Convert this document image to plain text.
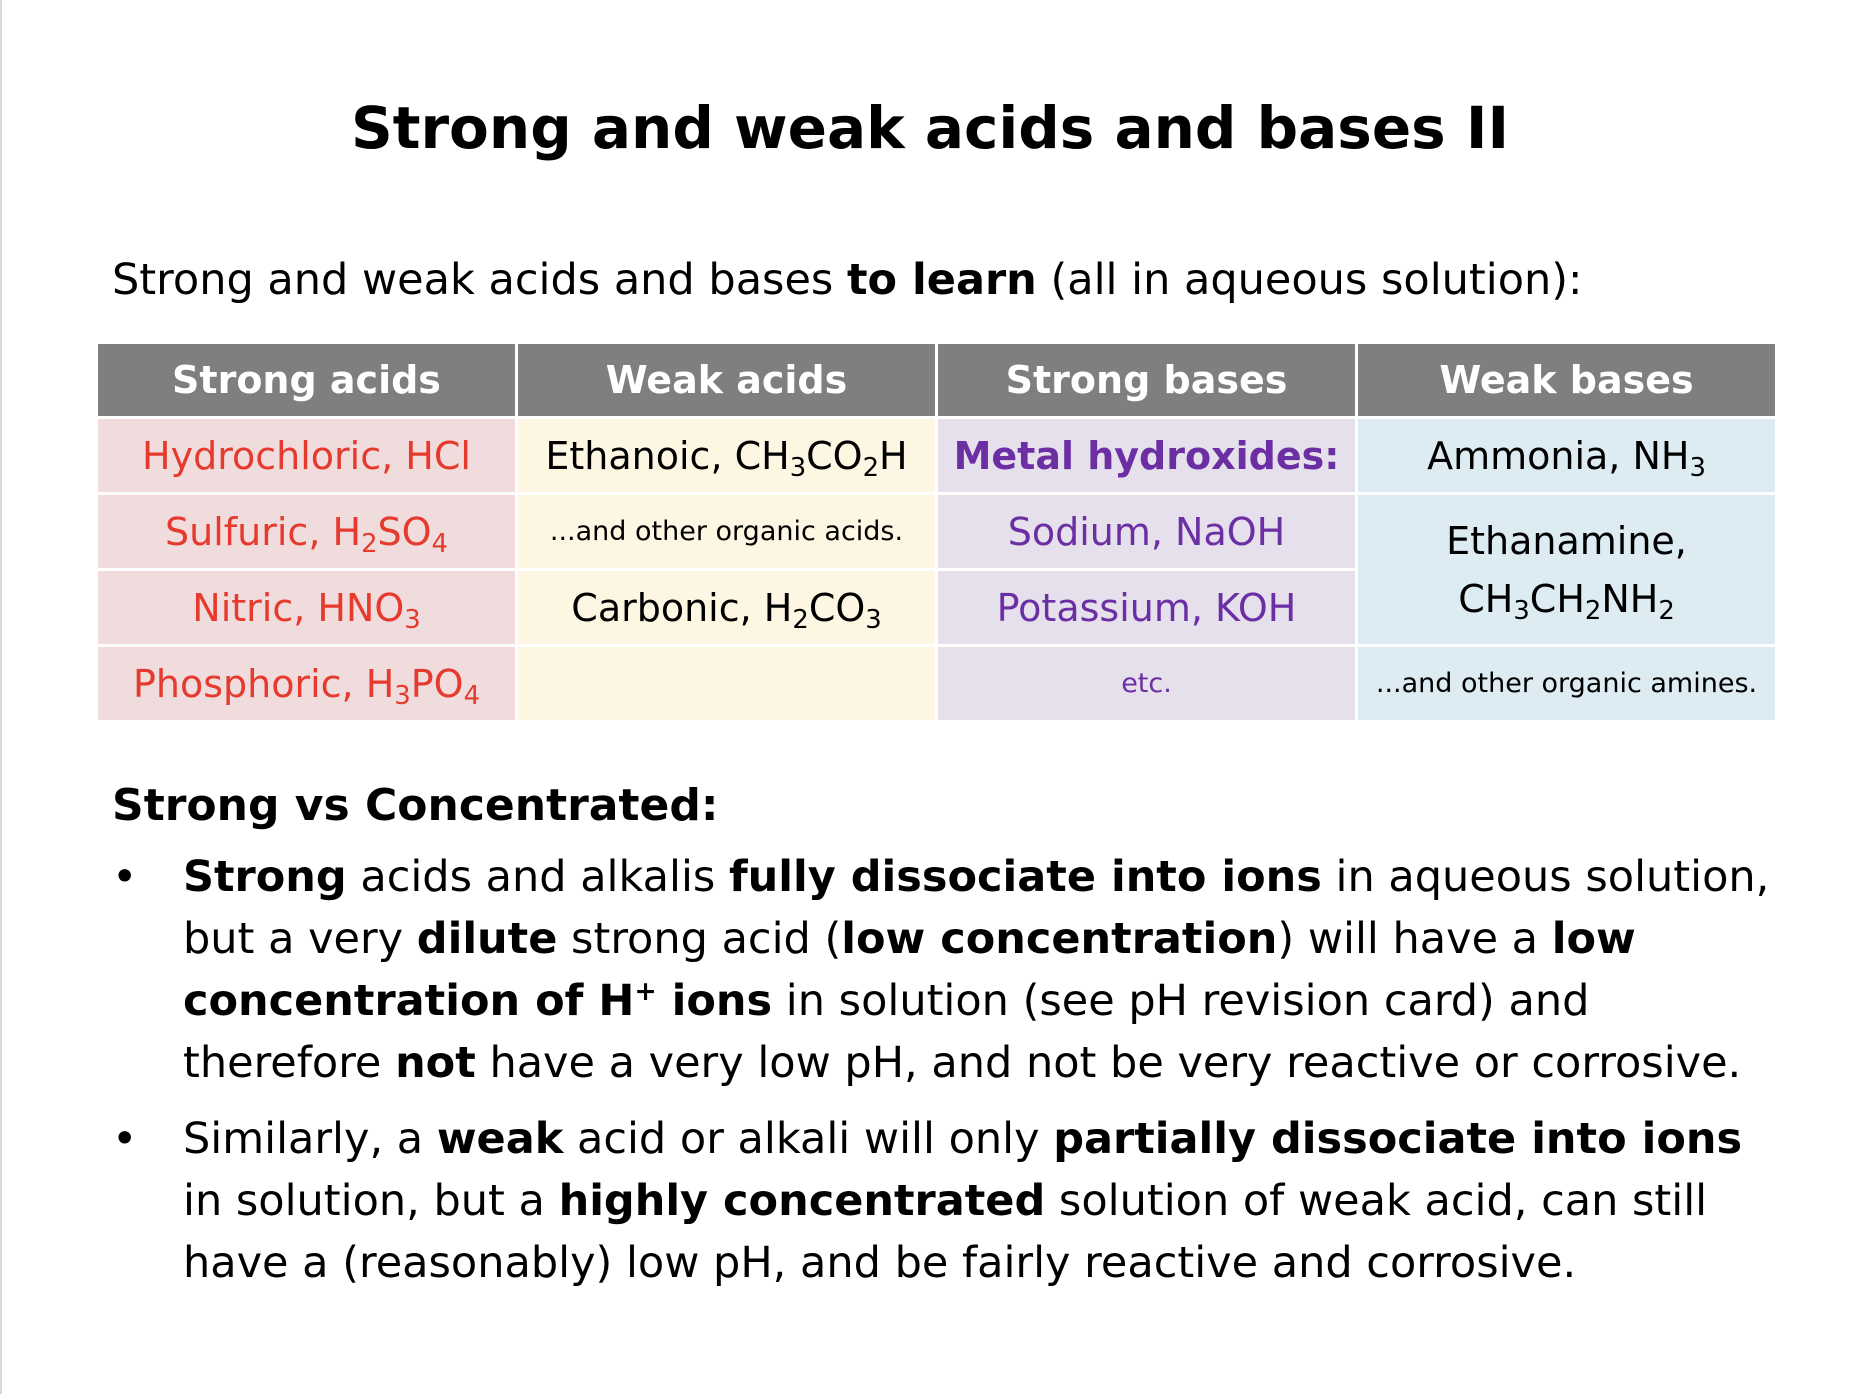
Strong and weak acids and bases II
Strong and weak acids and bases to learn (all in aqueous solution):
Strong acids	Weak acids	Strong bases	Weak bases
Hydrochloric, HCl	Ethanoic, CH3CO2H	Metal hydroxides:	Ammonia, NH3
Sulfuric, H2SO4	...and other organic acids.	Sodium, NaOH	Ethanamine,
CH3CH2NH2
Nitric, HNO3	Carbonic, H2CO3	Potassium, KOH	
Phosphoric, H3PO4		etc.	...and other organic amines.
Strong vs Concentrated:
•	Strong acids and alkalis fully dissociate into ions in aqueous solution, but a very dilute strong acid (low concentration) will have a low concentration of H+ ions in solution (see pH revision card) and therefore not have a very low pH, and not be very reactive or corrosive.
•	Similarly, a weak acid or alkali will only partially dissociate into ions in solution, but a highly concentrated solution of weak acid, can still have a (reasonably) low pH, and be fairly reactive and corrosive.
